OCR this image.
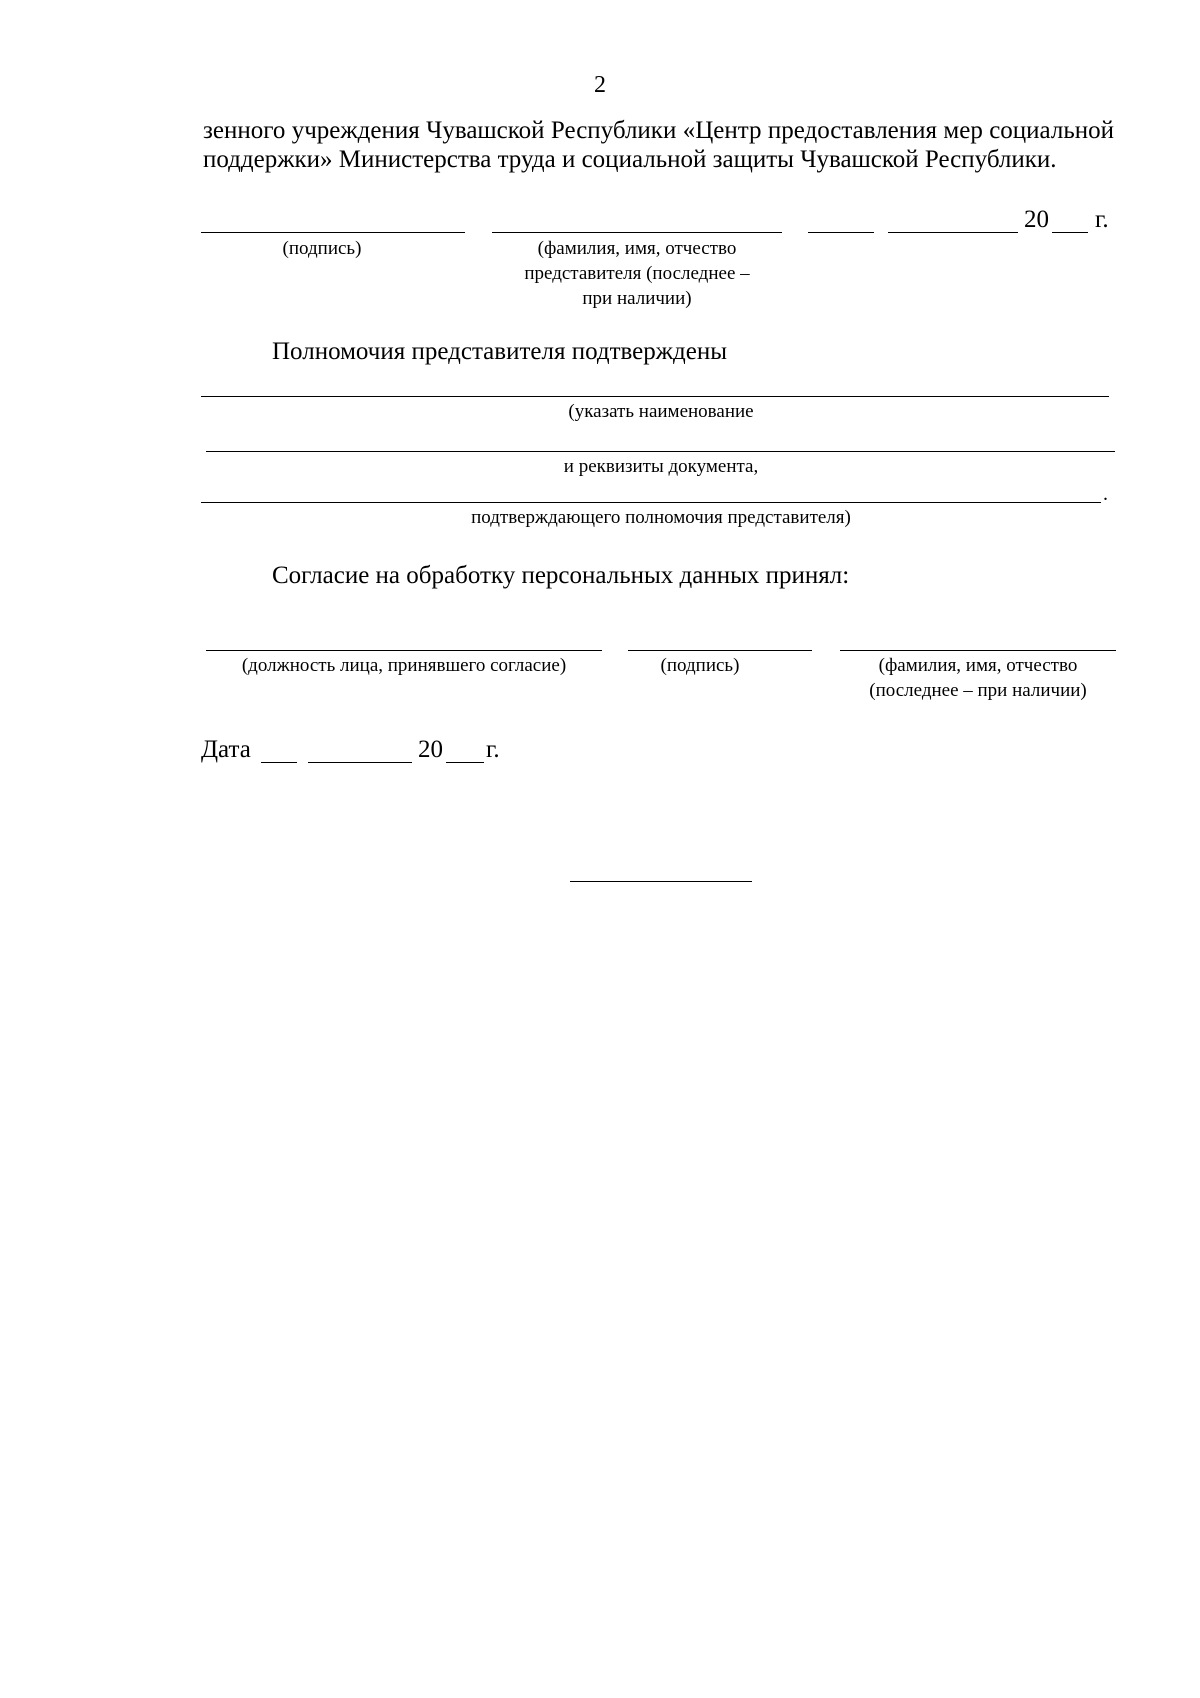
2
зенного учреждения Чувашской Республики «Центр предоставления мер социальной поддержки» Министерства труда и социальной защиты Чувашской Республики.
20 г.
(подпись)	(фамилия, имя, отчество
представителя (последнее –
при наличии)
Полномочия представителя подтверждены
(указать наименование
и реквизиты документа,
.
подтверждающего полномочия представителя)
Согласие на обработку персональных данных принял:
(должность лица, принявшего согласие)	(подпись)	(фамилия, имя, отчество
(последнее – при наличии)
Дата	20 г.
